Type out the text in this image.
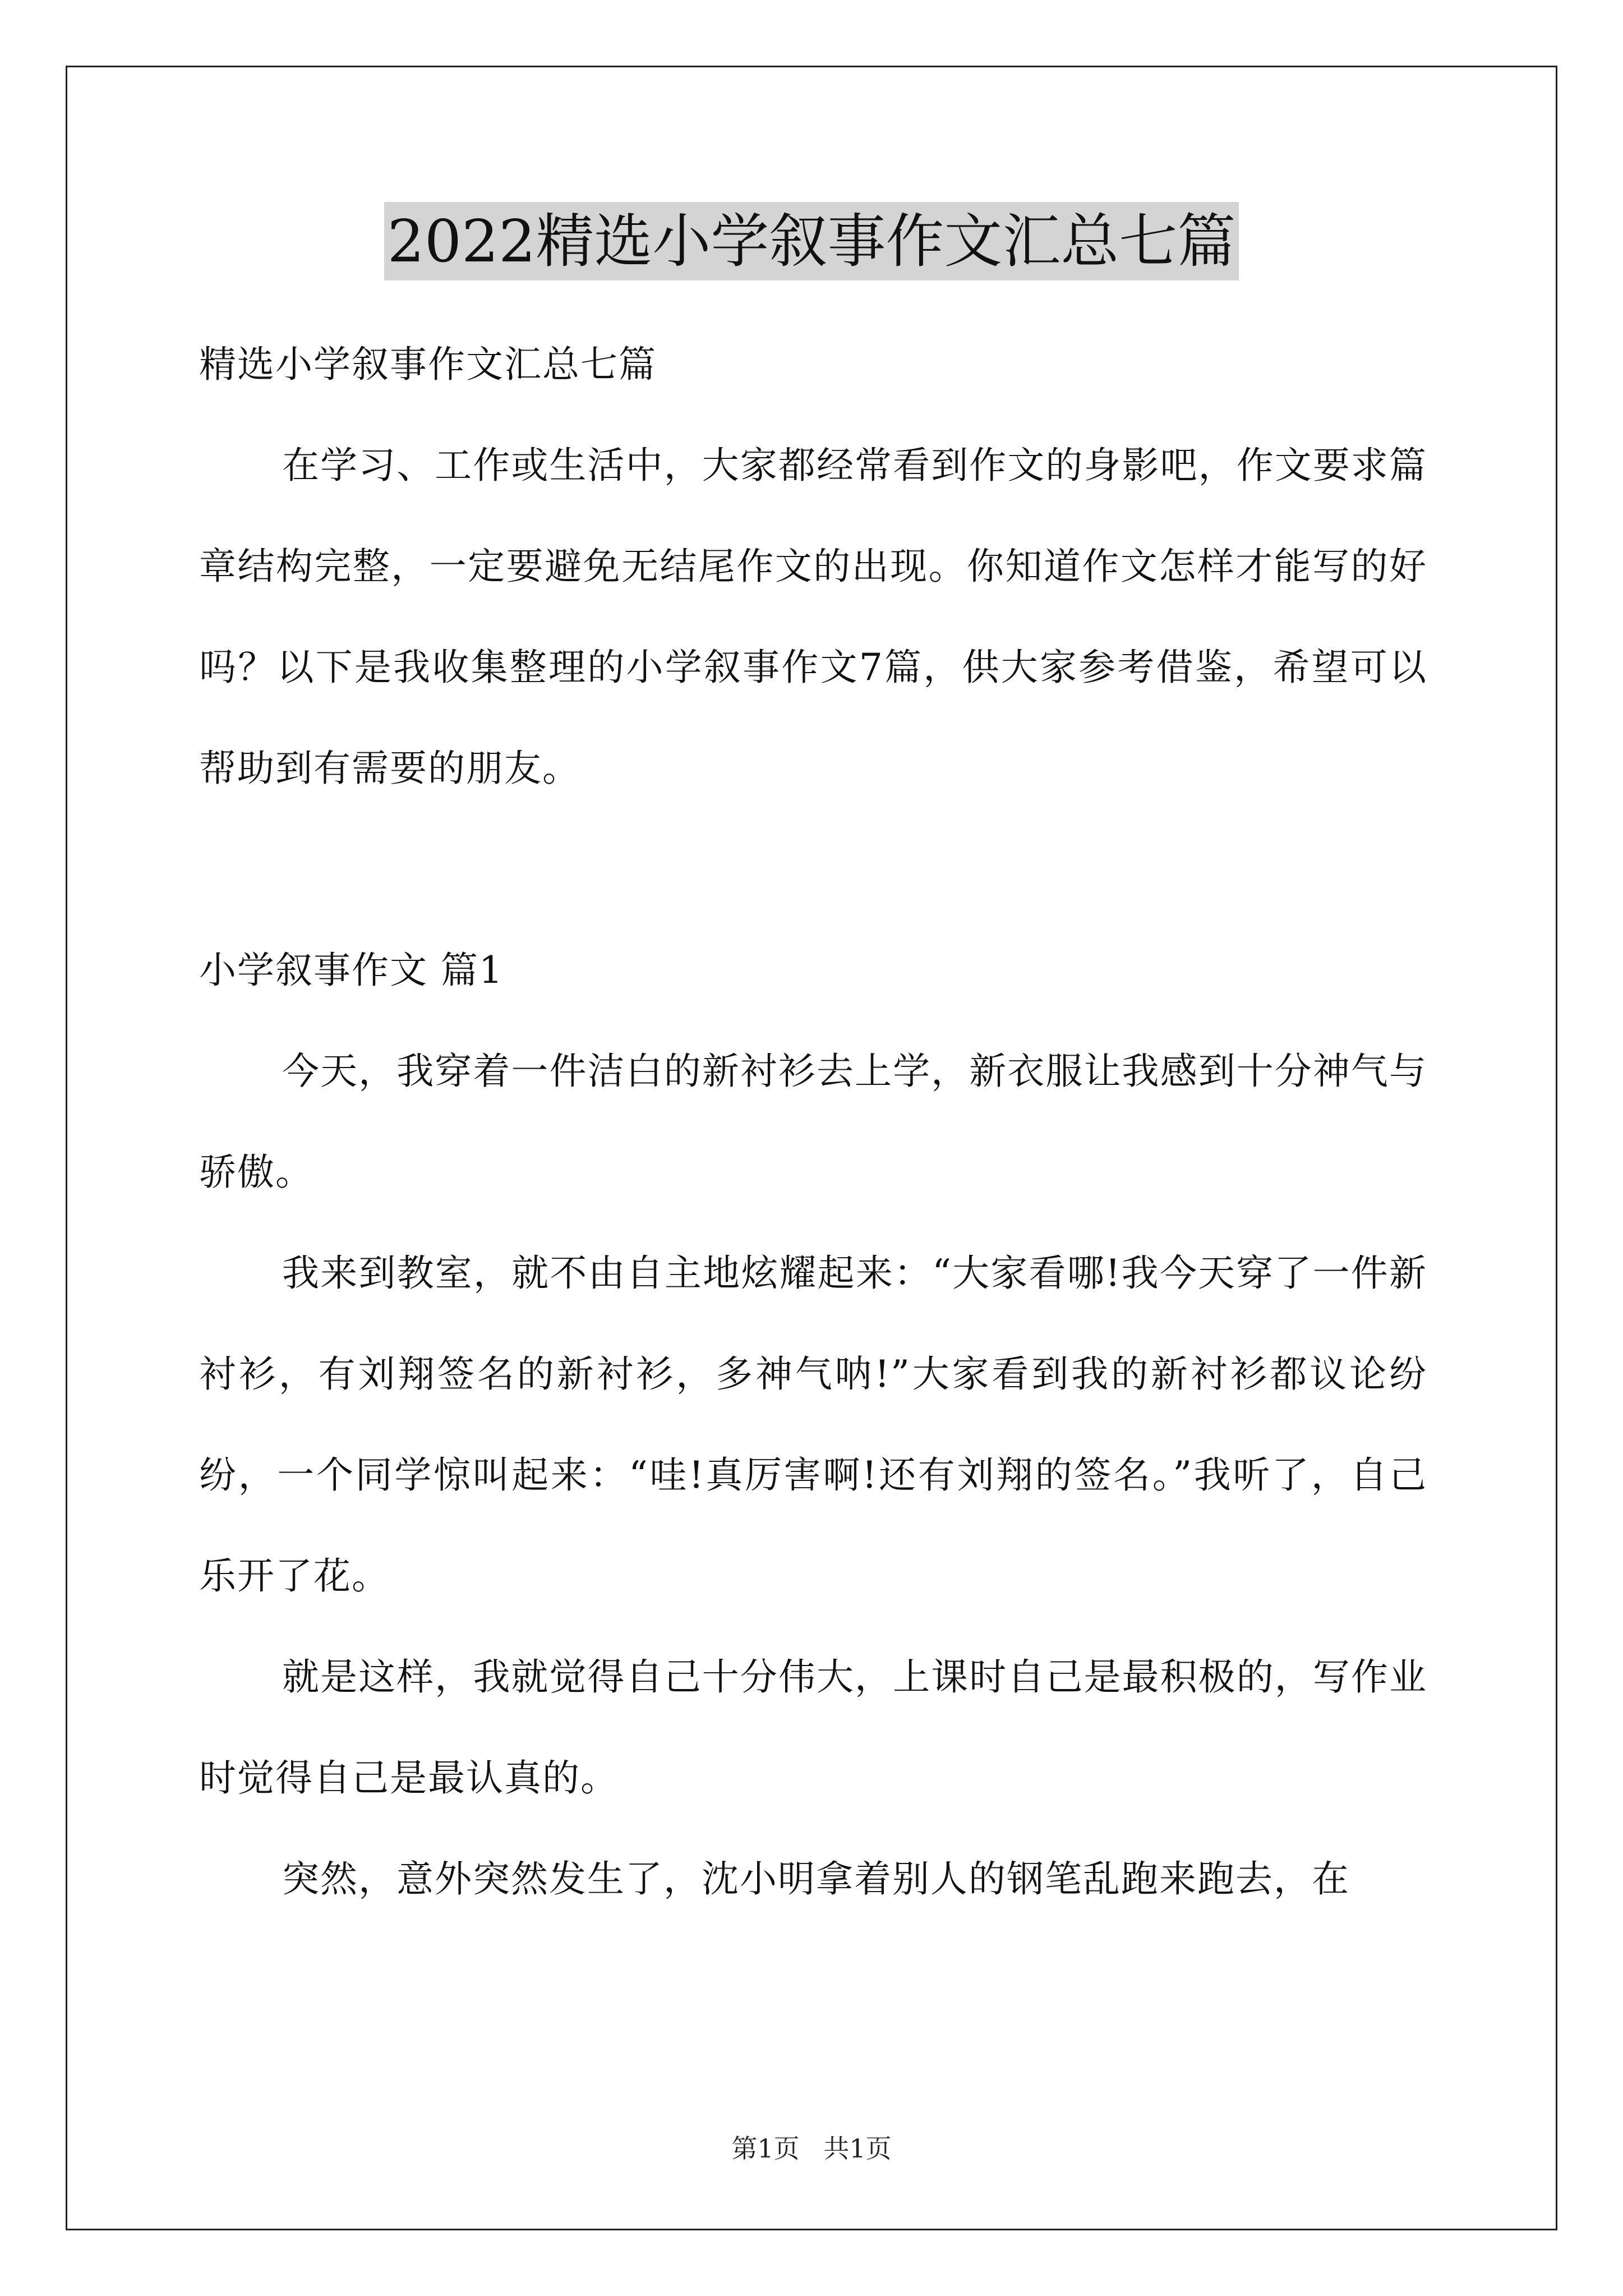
2022精选小学叙事作文汇总七篇

精选小学叙事作文汇总七篇

在学习、工作或生活中，大家都经常看到作文的身影吧，作文要求篇章结构完整，一定要避免无结尾作文的出现。你知道作文怎样才能写的好吗？以下是我收集整理的小学叙事作文7篇，供大家参考借鉴，希望可以帮助到有需要的朋友。

小学叙事作文 篇1

今天，我穿着一件洁白的新衬衫去上学，新衣服让我感到十分神气与骄傲。

我来到教室，就不由自主地炫耀起来：“大家看哪!我今天穿了一件新衬衫，有刘翔签名的新衬衫，多神气呐!”大家看到我的新衬衫都议论纷纷，一个同学惊叫起来：“哇!真厉害啊!还有刘翔的签名。”我听了，自己乐开了花。

就是这样，我就觉得自己十分伟大，上课时自己是最积极的，写作业时觉得自己是最认真的。

突然，意外突然发生了，沈小明拿着别人的钢笔乱跑来跑去，在

第1页 共1页
